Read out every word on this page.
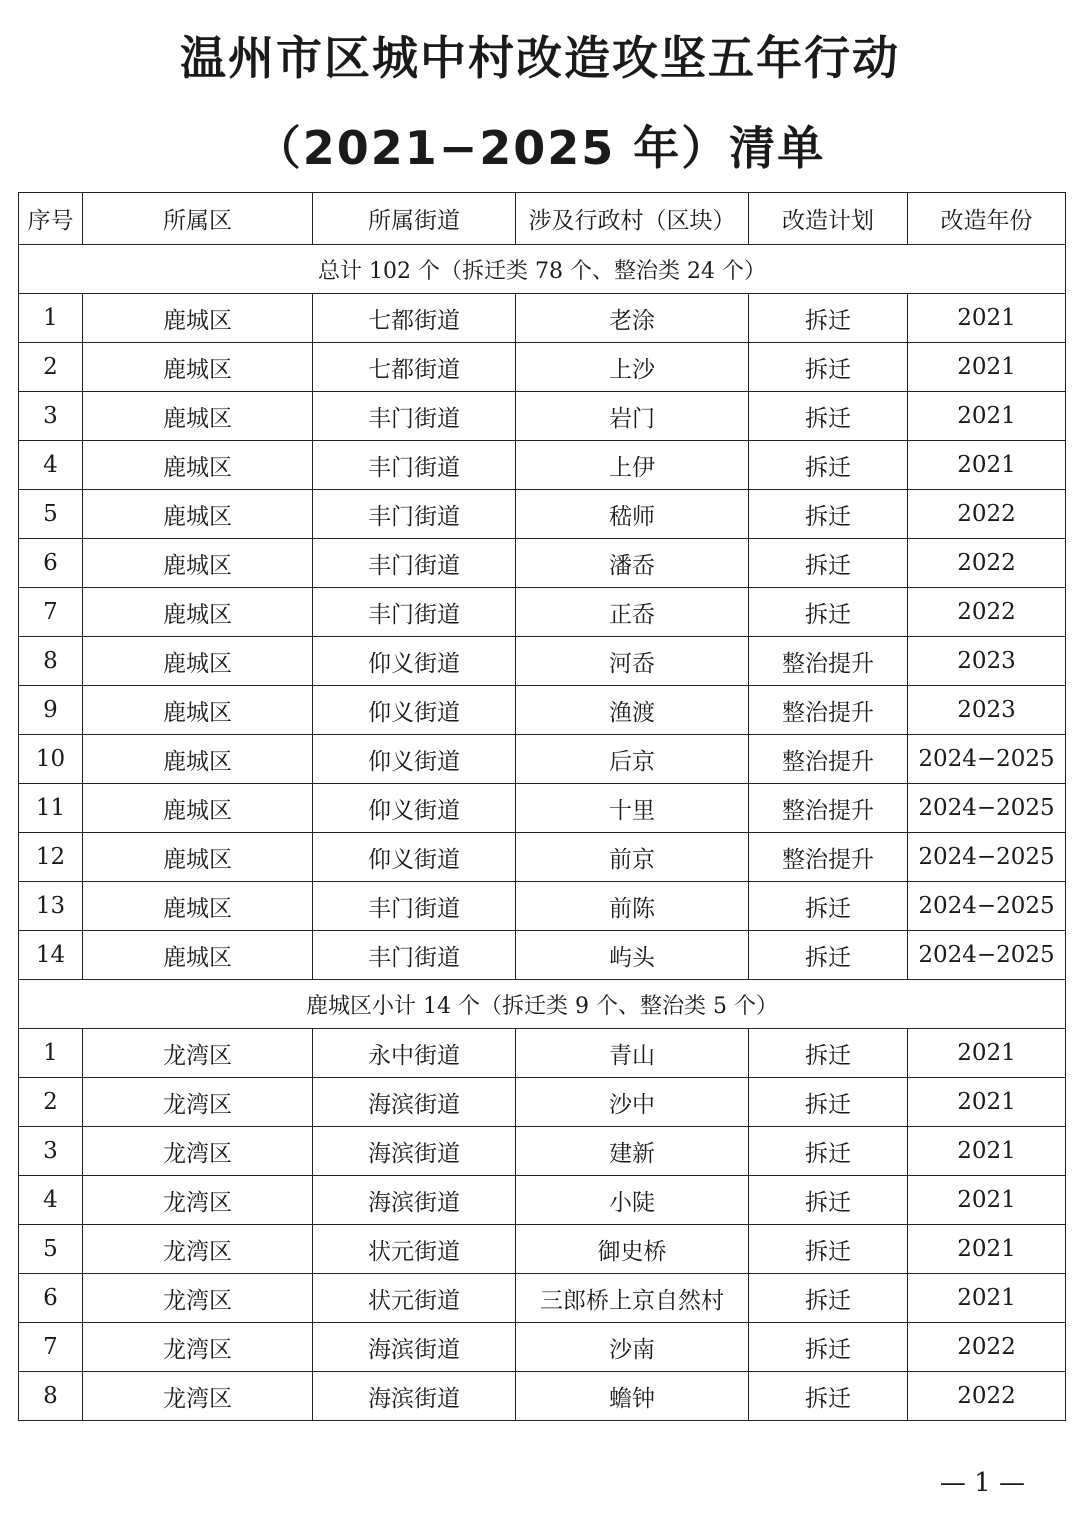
温州市区城中村改造攻坚五年行动
（2021−2025 年）清单
序号	所属区	所属街道	涉及行政村（区块）	改造计划	改造年份
总计 102 个（拆迁类 78 个、整治类 24 个）					
1	鹿城区	七都街道	老涂	拆迁	2021
2	鹿城区	七都街道	上沙	拆迁	2021
3	鹿城区	丰门街道	岩门	拆迁	2021
4	鹿城区	丰门街道	上伊	拆迁	2021
5	鹿城区	丰门街道	嵇师	拆迁	2022
6	鹿城区	丰门街道	潘岙	拆迁	2022
7	鹿城区	丰门街道	正岙	拆迁	2022
8	鹿城区	仰义街道	河岙	整治提升	2023
9	鹿城区	仰义街道	渔渡	整治提升	2023
10	鹿城区	仰义街道	后京	整治提升	2024−2025
11	鹿城区	仰义街道	十里	整治提升	2024−2025
12	鹿城区	仰义街道	前京	整治提升	2024−2025
13	鹿城区	丰门街道	前陈	拆迁	2024−2025
14	鹿城区	丰门街道	屿头	拆迁	2024−2025
鹿城区小计 14 个（拆迁类 9 个、整治类 5 个）					
1	龙湾区	永中街道	青山	拆迁	2021
2	龙湾区	海滨街道	沙中	拆迁	2021
3	龙湾区	海滨街道	建新	拆迁	2021
4	龙湾区	海滨街道	小陡	拆迁	2021
5	龙湾区	状元街道	御史桥	拆迁	2021
6	龙湾区	状元街道	三郎桥上京自然村	拆迁	2021
7	龙湾区	海滨街道	沙南	拆迁	2022
8	龙湾区	海滨街道	蟾钟	拆迁	2022
— 1 —
